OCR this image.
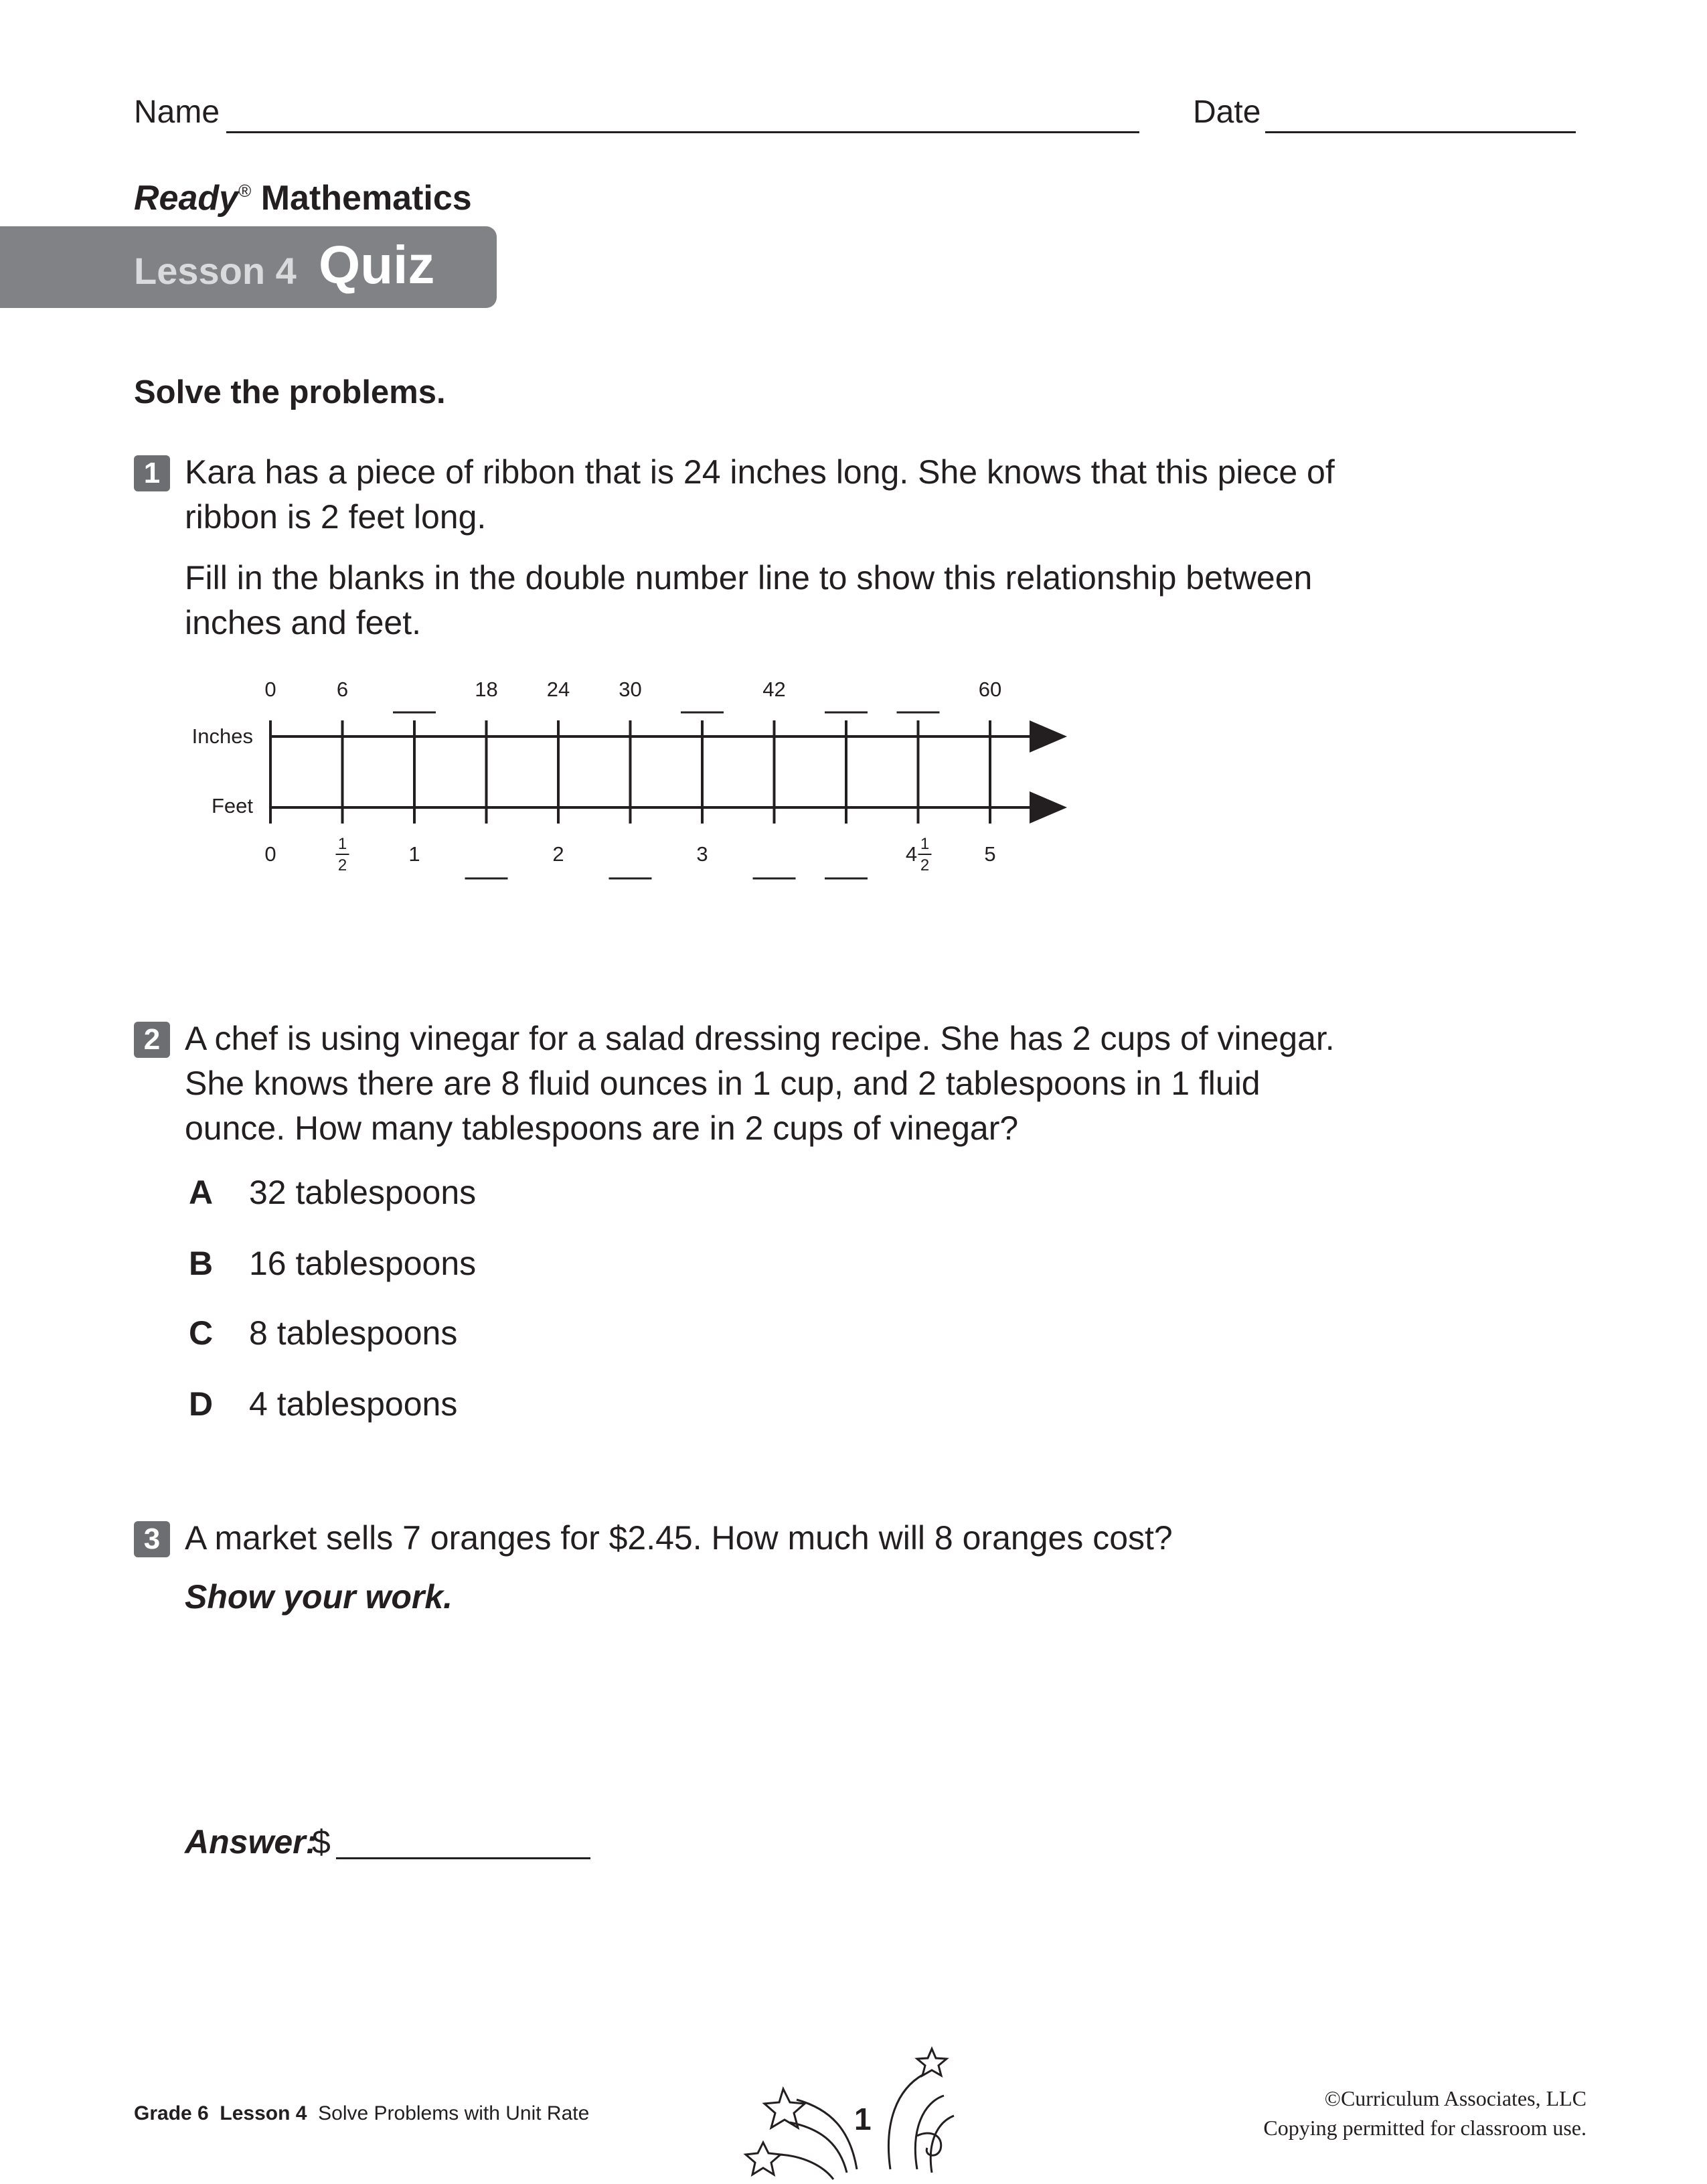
Name	Date
Ready® Mathematics
Lesson 4 Quiz
Solve the problems.
1 Kara has a piece of ribbon that is 24 inches long. She knows that this piece of ribbon is 2 feet long.
Fill in the blanks in the double number line to show this relationship between inches and feet.
Inches
Feet
0	6	18 24 30	42	60
0	1
2	1	2	3	4 1
2	5
2 A chef is using vinegar for a salad dressing recipe. She has 2 cups of vinegar. She knows there are 8 fluid ounces in 1 cup, and 2 tablespoons in 1 fluid ounce. How many tablespoons are in 2 cups of vinegar?
A 32 tablespoons
B 16 tablespoons
C 8 tablespoons
D 4 tablespoons
3 A market sells 7 oranges for $2.45. How much will 8 oranges cost?
Show your work.
Answer:
$
Grade 6 Lesson 4 Solve Problems with Unit Rate	1
©Curriculum Associates, LLC
Copying permitted for classroom use.
